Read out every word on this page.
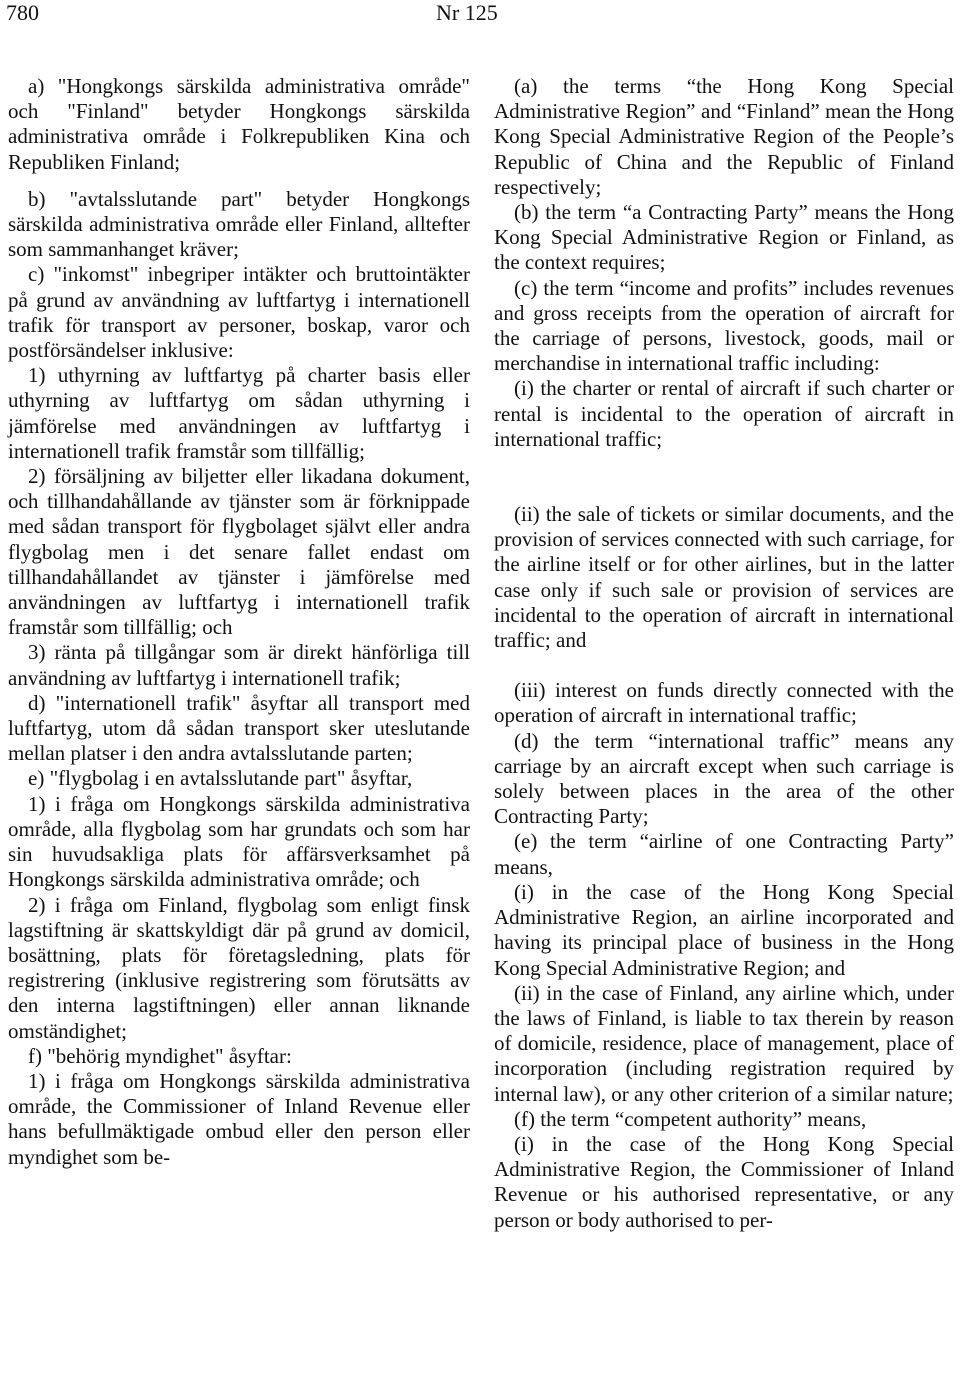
780	Nr 125

a) "Hongkongs särskilda administrativa område" och "Finland" betyder Hongkongs särskilda administrativa område i Folkrepubliken Kina och Republiken Finland;

b) "avtalsslutande part" betyder Hongkongs särskilda administrativa område eller Finland, alltefter som sammanhanget kräver;

c) "inkomst" inbegriper intäkter och bruttointäkter på grund av användning av luftfartyg i internationell trafik för transport av personer, boskap, varor och postförsändelser inklusive:

1) uthyrning av luftfartyg på charter basis eller uthyrning av luftfartyg om sådan uthyrning i jämförelse med användningen av luftfartyg i internationell trafik framstår som tillfällig;

2) försäljning av biljetter eller likadana dokument, och tillhandahållande av tjänster som är förknippade med sådan transport för flygbolaget självt eller andra flygbolag men i det senare fallet endast om tillhandahållandet av tjänster i jämförelse med användningen av luftfartyg i internationell trafik framstår som tillfällig; och

3) ränta på tillgångar som är direkt hänförliga till användning av luftfartyg i internationell trafik;

d) "internationell trafik" åsyftar all transport med luftfartyg, utom då sådan transport sker uteslutande mellan platser i den andra avtalsslutande parten;

e) "flygbolag i en avtalsslutande part" åsyftar,

1) i fråga om Hongkongs särskilda administrativa område, alla flygbolag som har grundats och som har sin huvudsakliga plats för affärsverksamhet på Hongkongs särskilda administrativa område; och

2) i fråga om Finland, flygbolag som enligt finsk lagstiftning är skattskyldigt där på grund av domicil, bosättning, plats för företagsledning, plats för registrering (inklusive registrering som förutsätts av den interna lagstiftningen) eller annan liknande omständighet;

f) "behörig myndighet" åsyftar:

1) i fråga om Hongkongs särskilda administrativa område, the Commissioner of Inland Revenue eller hans befullmäktigade ombud eller den person eller myndighet som be-

(a) the terms “the Hong Kong Special Administrative Region” and “Finland” mean the Hong Kong Special Administrative Region of the People’s Republic of China and the Republic of Finland respectively;

(b) the term “a Contracting Party” means the Hong Kong Special Administrative Region or Finland, as the context requires;

(c) the term “income and profits” includes revenues and gross receipts from the operation of aircraft for the carriage of persons, livestock, goods, mail or merchandise in international traffic including:

(i) the charter or rental of aircraft if such charter or rental is incidental to the operation of aircraft in international traffic;

(ii) the sale of tickets or similar documents, and the provision of services connected with such carriage, for the airline itself or for other airlines, but in the latter case only if such sale or provision of services are incidental to the operation of aircraft in international traffic; and

(iii) interest on funds directly connected with the operation of aircraft in international traffic;

(d) the term “international traffic” means any carriage by an aircraft except when such carriage is solely between places in the area of the other Contracting Party;

(e) the term “airline of one Contracting Party” means,

(i) in the case of the Hong Kong Special Administrative Region, an airline incorporated and having its principal place of business in the Hong Kong Special Administrative Region; and

(ii) in the case of Finland, any airline which, under the laws of Finland, is liable to tax therein by reason of domicile, residence, place of management, place of incorporation (including registration required by internal law), or any other criterion of a similar nature;

(f) the term “competent authority” means,

(i) in the case of the Hong Kong Special Administrative Region, the Commissioner of Inland Revenue or his authorised representative, or any person or body authorised to per-
